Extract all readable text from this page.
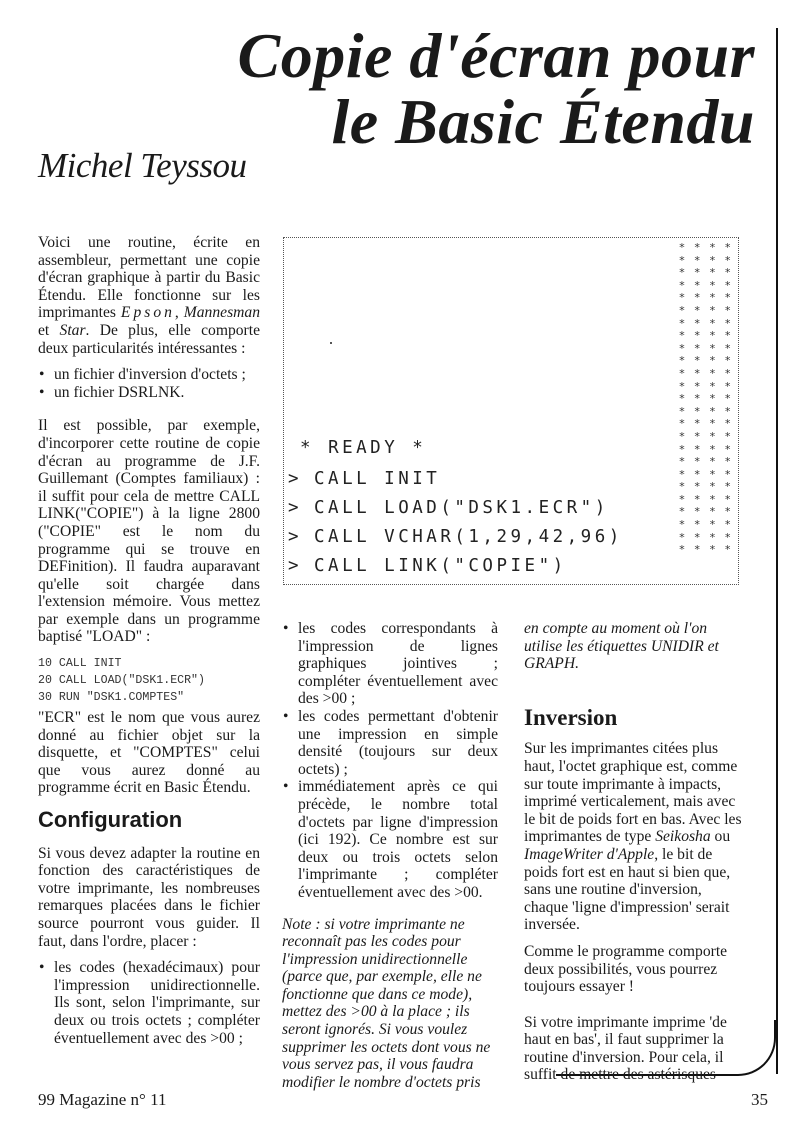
Copie d'écran pour
le Basic Étendu
Michel Teyssou

Voici une routine, écrite en assembleur, permettant une copie d'écran graphique à partir du Basic Étendu. Elle fonctionne sur les imprimantes Epson, Mannesman et Star. De plus, elle comporte deux particularités intéressantes :

• un fichier d'inversion d'octets ;
• un fichier DSRLNK.

Il est possible, par exemple, d'incorporer cette routine de copie d'écran au programme de J.F. Guillemant (Comptes familiaux) : il suffit pour cela de mettre CALL LINK("COPIE") à la ligne 2800 ("COPIE" est le nom du programme qui se trouve en DEFinition). Il faudra auparavant qu'elle soit chargée dans l'extension mémoire. Vous mettez par exemple dans un programme baptisé "LOAD" :

10 CALL INIT
20 CALL LOAD("DSK1.ECR")
30 RUN "DSK1.COMPTES"

"ECR" est le nom que vous aurez donné au fichier objet sur la disquette, et "COMPTES" celui que vous aurez donné au programme écrit en Basic Étendu.

Configuration

Si vous devez adapter la routine en fonction des caractéristiques de votre imprimante, les nombreuses remarques placées dans le fichier source pourront vous guider. Il faut, dans l'ordre, placer :

• les codes (hexadécimaux) pour l'impression unidirectionnelle. Ils sont, selon l'imprimante, sur deux ou trois octets ; compléter éventuellement avec des >00 ;
* * * *
* * * *
* * * *
* * * *
* * * *
* * * *
* * * *
* * * *
* * * *
* * * *
* * * *
* * * *
* * * *
* * * *
* * * *
* * * *
* * * *
* * * *
* * * *
* * * *
* * * *
* * * *
* * * *
* * * *
* * * *
* READY *
> CALL INIT
> CALL LOAD("DSK1.ECR")
> CALL VCHAR(1,29,42,96)
> CALL LINK("COPIE")
• les codes correspondants à l'impression de lignes graphiques jointives ; compléter éventuellement avec des >00 ;
• les codes permettant d'obtenir une impression en simple densité (toujours sur deux octets) ;
• immédiatement après ce qui précède, le nombre total d'octets par ligne d'impression (ici 192). Ce nombre est sur deux ou trois octets selon l'imprimante ; compléter éventuellement avec des >00.

Note : si votre imprimante ne reconnaît pas les codes pour l'impression unidirectionnelle (parce que, par exemple, elle ne fonctionne que dans ce mode), mettez des >00 à la place ; ils seront ignorés. Si vous voulez supprimer les octets dont vous ne vous servez pas, il vous faudra modifier le nombre d'octets pris

en compte au moment où l'on utilise les étiquettes UNIDIR et GRAPH.

Inversion

Sur les imprimantes citées plus haut, l'octet graphique est, comme sur toute imprimante à impacts, imprimé verticalement, mais avec le bit de poids fort en bas. Avec les imprimantes de type Seikosha ou ImageWriter d'Apple, le bit de poids fort est en haut si bien que, sans une routine d'inversion, chaque 'ligne d'impression' serait inversée.

Comme le programme comporte deux possibilités, vous pourrez toujours essayer !

Si votre imprimante imprime 'de haut en bas', il faut supprimer la routine d'inversion. Pour cela, il suffit de mettre des astérisques

99 Magazine n° 11	35
